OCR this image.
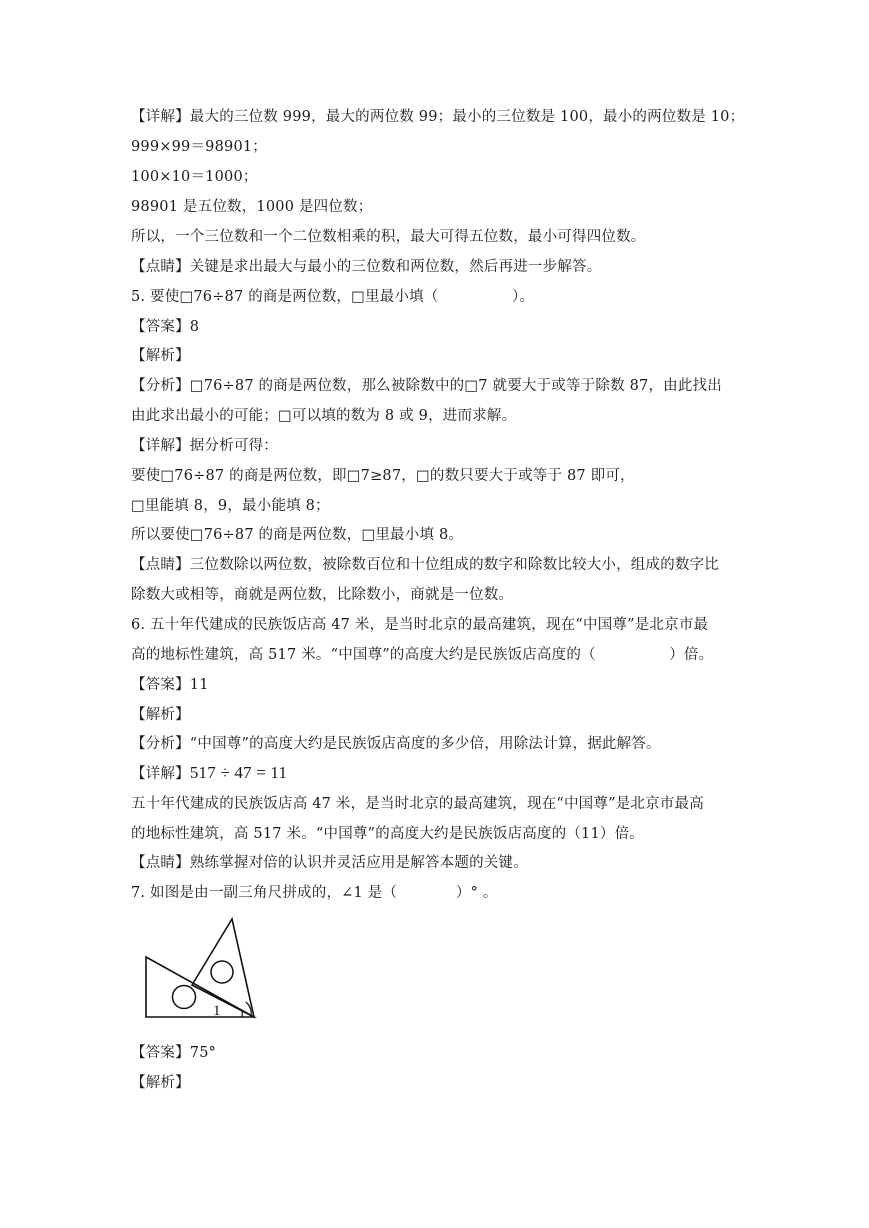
【详解】最大的三位数 999，最大的两位数 99；最小的三位数是 100，最小的两位数是 10；
999×99＝98901；
100×10＝1000；
98901 是五位数，1000 是四位数；
所以，一个三位数和一个二位数相乘的积，最大可得五位数，最小可得四位数。
【点睛】关键是求出最大与最小的三位数和两位数，然后再进一步解答。
5. 要使□76÷87 的商是两位数，□里最小填（　　　　　）。
【答案】8
【解析】
【分析】□76÷87 的商是两位数，那么被除数中的□7 就要大于或等于除数 87，由此找出
由此求出最小的可能；□可以填的数为 8 或 9，进而求解。
【详解】据分析可得：
要使□76÷87 的商是两位数，即□7≥87，□的数只要大于或等于 87 即可，
□里能填 8，9，最小能填 8；
所以要使□76÷87 的商是两位数，□里最小填 8。
【点睛】三位数除以两位数，被除数百位和十位组成的数字和除数比较大小，组成的数字比
除数大或相等，商就是两位数，比除数小，商就是一位数。
6. 五十年代建成的民族饭店高 47 米，是当时北京的最高建筑，现在“中国尊”是北京市最
高的地标性建筑，高 517 米。“中国尊”的高度大约是民族饭店高度的（　　　　　）倍。
【答案】11
【解析】
【分析】“中国尊”的高度大约是民族饭店高度的多少倍，用除法计算，据此解答。
【详解】517 ÷ 47 = 11
五十年代建成的民族饭店高 47 米，是当时北京的最高建筑，现在“中国尊”是北京市最高
的地标性建筑，高 517 米。“中国尊”的高度大约是民族饭店高度的（11）倍。
【点睛】熟练掌握对倍的认识并灵活应用是解答本题的关键。
7. 如图是由一副三角尺拼成的，∠1 是（　　　　）° 。
1
【答案】75°
【解析】
